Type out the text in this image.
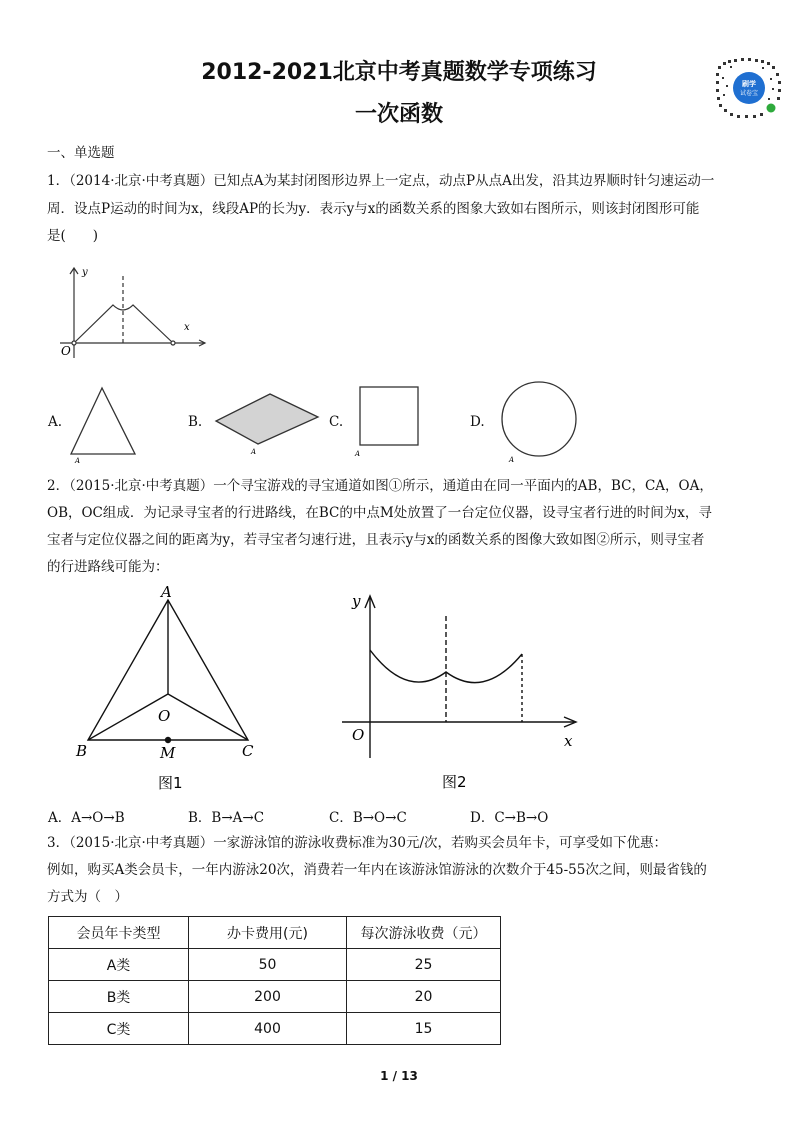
2012-2021北京中考真题数学专项练习
一次函数
刷学
试卷宝
一、单选题
1．（2014·北京·中考真题）已知点A为某封闭图形边界上一定点，动点P从点A出发，沿其边界顺时针匀速运动一
周．设点P运动的时间为x，线段AP的长为y．表示y与x的函数关系的图象大致如右图所示，则该封闭图形可能
是(　　)
y
x
O
A.
A
B.
A
C.
A
D.
A
2．（2015·北京·中考真题）一个寻宝游戏的寻宝通道如图①所示，通道由在同一平面内的AB，BC，CA，OA，
OB，OC组成．为记录寻宝者的行进路线，在BC的中点M处放置了一台定位仪器，设寻宝者行进的时间为x，寻
宝者与定位仪器之间的距离为y，若寻宝者匀速行进，且表示y与x的函数关系的图像大致如图②所示，则寻宝者
的行进路线可能为：
A
O
B	C
M
图1
y
x
O
图2
A．A→O→B	B．B→A→C	C．B→O→C	D．C→B→O
3．（2015·北京·中考真题）一家游泳馆的游泳收费标准为30元/次，若购买会员年卡，可享受如下优惠：
例如，购买A类会员卡，一年内游泳20次，消费若一年内在该游泳馆游泳的次数介于45-55次之间，则最省钱的
方式为（　）
会员年卡类型	办卡费用(元)	每次游泳收费（元）
A类	50	25
B类	200	20
C类	400	15
1 / 13
